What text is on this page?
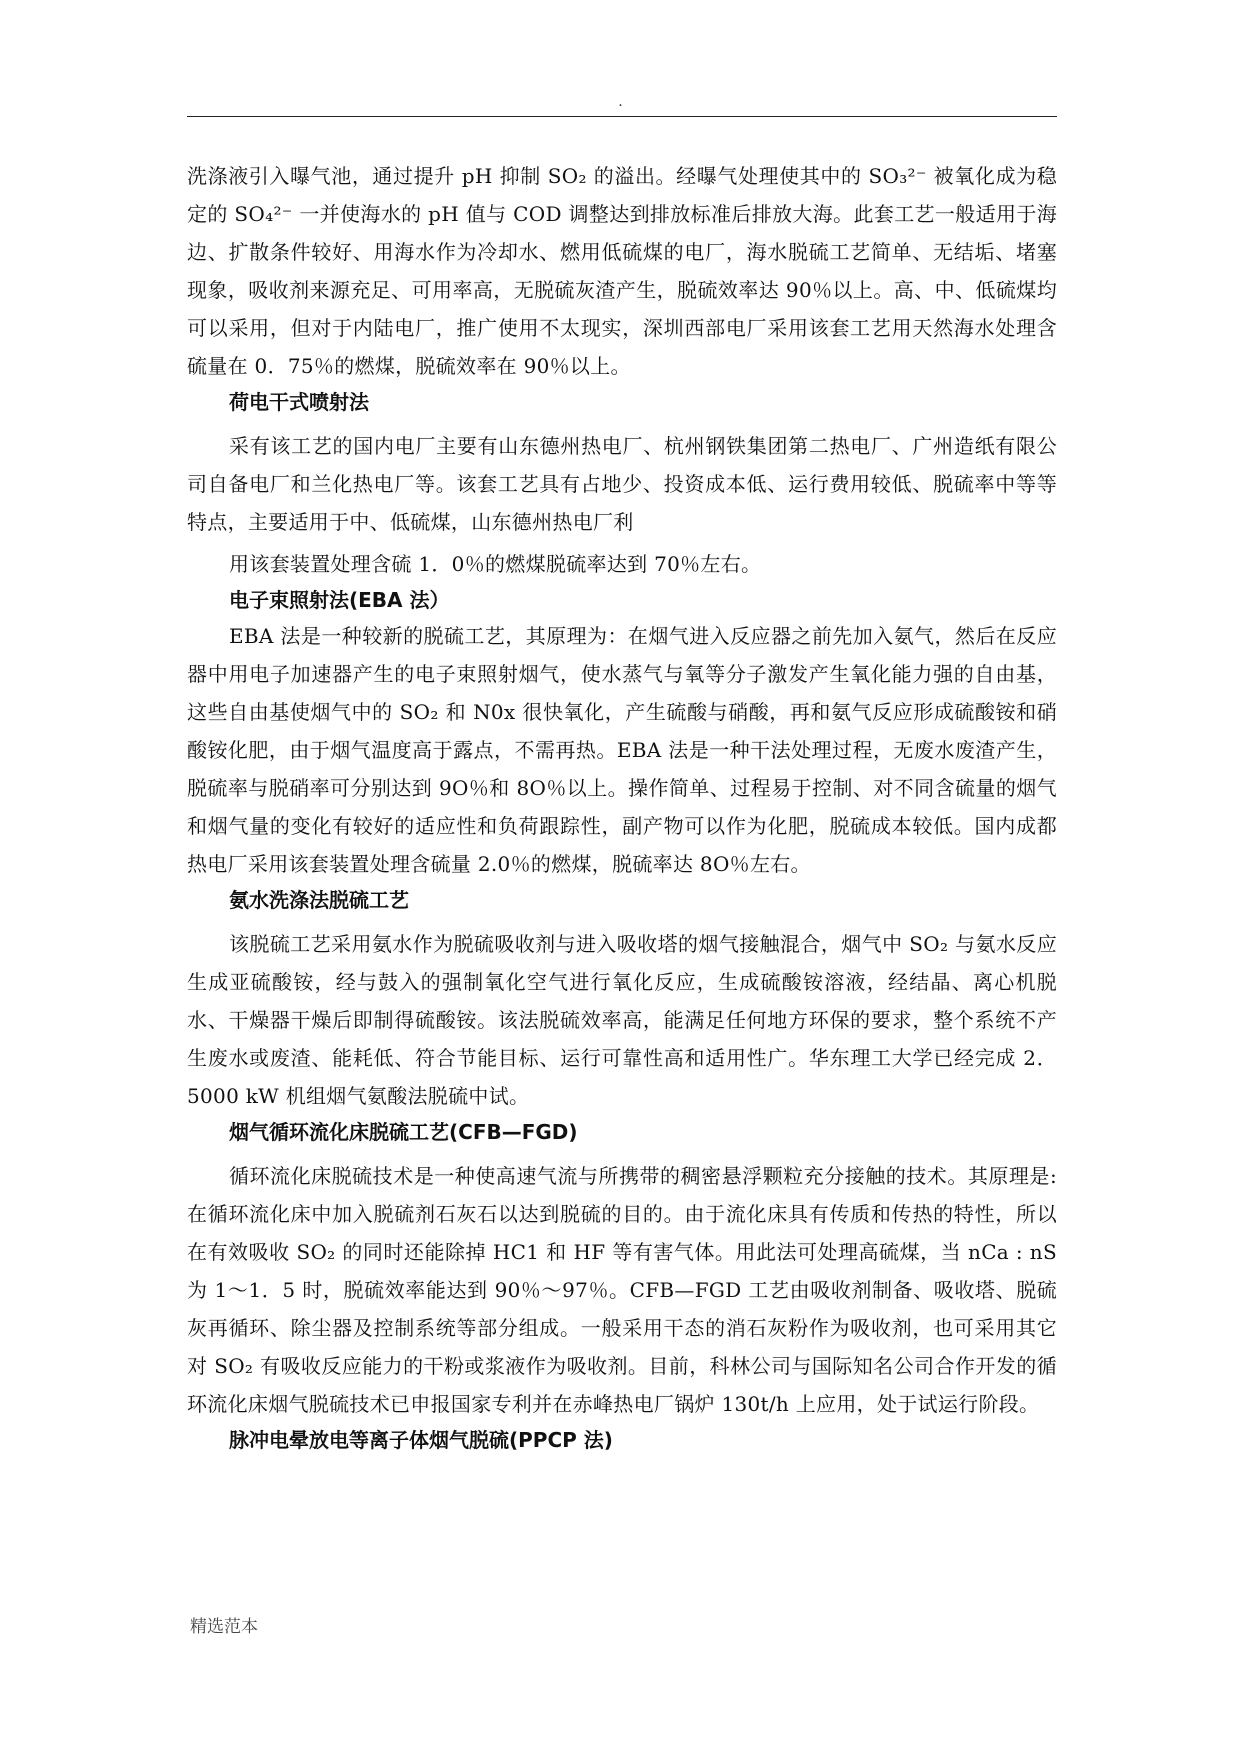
.

洗涤液引入曝气池，通过提升 pH 抑制 SO₂ 的溢出。经曝气处理使其中的 SO₃²⁻ 被氧化成为稳定的 SO₄²⁻ 一并使海水的 pH 值与 COD 调整达到排放标准后排放大海。此套工艺一般适用于海边、扩散条件较好、用海水作为冷却水、燃用低硫煤的电厂，海水脱硫工艺简单、无结垢、堵塞现象，吸收剂来源充足、可用率高，无脱硫灰渣产生，脱硫效率达 90％以上。高、中、低硫煤均可以采用，但对于内陆电厂，推广使用不太现实，深圳西部电厂采用该套工艺用天然海水处理含硫量在 0．75％的燃煤，脱硫效率在 90％以上。

荷电干式喷射法

采有该工艺的国内电厂主要有山东德州热电厂、杭州钢铁集团第二热电厂、广州造纸有限公司自备电厂和兰化热电厂等。该套工艺具有占地少、投资成本低、运行费用较低、脱硫率中等等特点，主要适用于中、低硫煤，山东德州热电厂利

用该套装置处理含硫 1．0％的燃煤脱硫率达到 70％左右。

电子束照射法(EBA 法）

EBA 法是一种较新的脱硫工艺，其原理为：在烟气进入反应器之前先加入氨气，然后在反应器中用电子加速器产生的电子束照射烟气，使水蒸气与氧等分子激发产生氧化能力强的自由基，这些自由基使烟气中的 SO₂ 和 N0x 很快氧化，产生硫酸与硝酸，再和氨气反应形成硫酸铵和硝酸铵化肥，由于烟气温度高于露点，不需再热。EBA 法是一种干法处理过程，无废水废渣产生，脱硫率与脱硝率可分别达到 9O％和 8O％以上。操作简单、过程易于控制、对不同含硫量的烟气和烟气量的变化有较好的适应性和负荷跟踪性，副产物可以作为化肥，脱硫成本较低。国内成都热电厂采用该套装置处理含硫量 2.0％的燃煤，脱硫率达 8O％左右。

氨水洗涤法脱硫工艺

该脱硫工艺采用氨水作为脱硫吸收剂与进入吸收塔的烟气接触混合，烟气中 SO₂ 与氨水反应生成亚硫酸铵，经与鼓入的强制氧化空气进行氧化反应，生成硫酸铵溶液，经结晶、离心机脱水、干燥器干燥后即制得硫酸铵。该法脱硫效率高，能满足任何地方环保的要求，整个系统不产生废水或废渣、能耗低、符合节能目标、运行可靠性高和适用性广。华东理工大学已经完成 2．5000 kW 机组烟气氨酸法脱硫中试。

烟气循环流化床脱硫工艺(CFB—FGD)

循环流化床脱硫技术是一种使高速气流与所携带的稠密悬浮颗粒充分接触的技术。其原理是: 在循环流化床中加入脱硫剂石灰石以达到脱硫的目的。由于流化床具有传质和传热的特性，所以在有效吸收 SO₂ 的同时还能除掉 HC1 和 HF 等有害气体。用此法可处理高硫煤，当 nCa : nS 为 1～1．5 时，脱硫效率能达到 90％～97％。CFB—FGD 工艺由吸收剂制备、吸收塔、脱硫灰再循环、除尘器及控制系统等部分组成。一般采用干态的消石灰粉作为吸收剂，也可采用其它对 SO₂ 有吸收反应能力的干粉或浆液作为吸收剂。目前，科林公司与国际知名公司合作开发的循环流化床烟气脱硫技术已申报国家专利并在赤峰热电厂锅炉 130t/h 上应用，处于试运行阶段。

脉冲电晕放电等离子体烟气脱硫(PPCP 法)

精选范本
